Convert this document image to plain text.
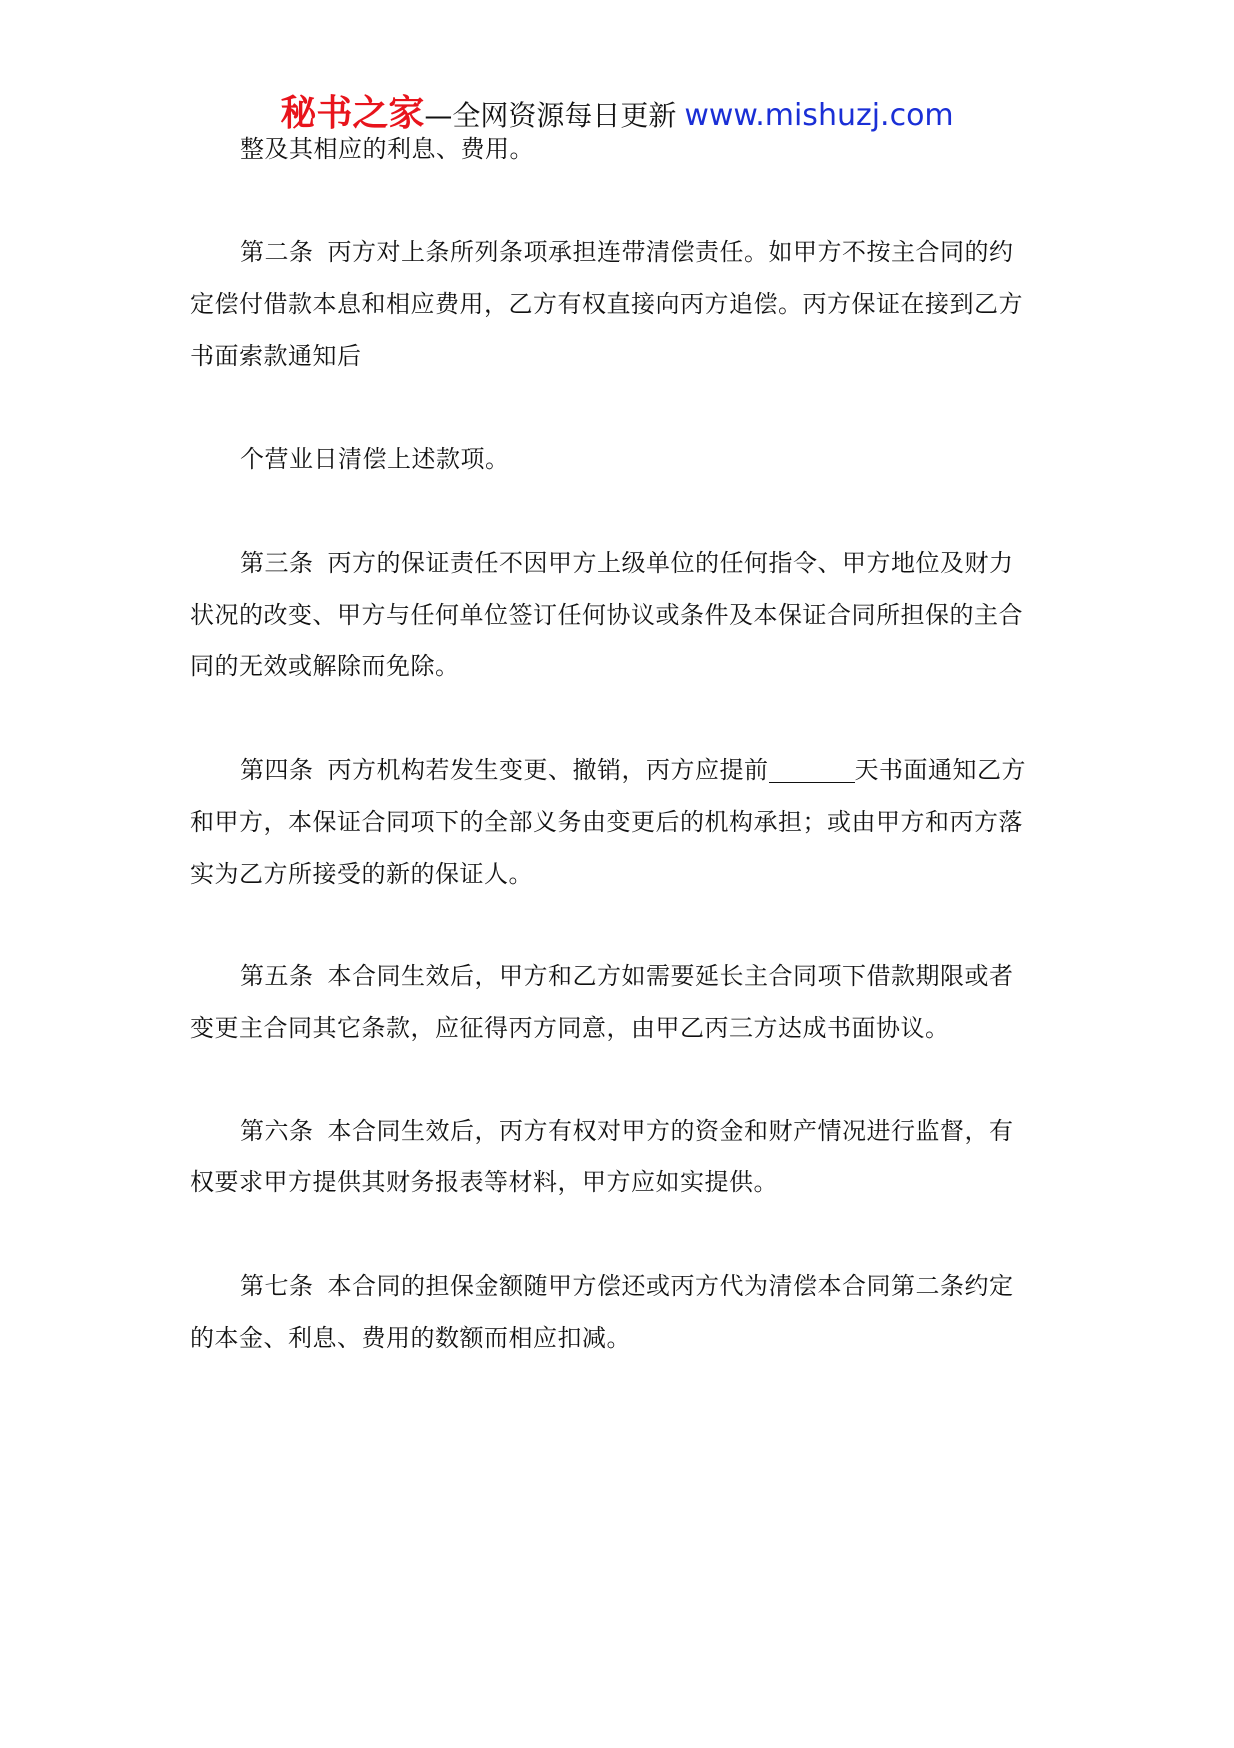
秘书之家—全网资源每日更新 www.mishuzj.com
整及其相应的利息、费用。
第二条 丙方对上条所列条项承担连带清偿责任。如甲方不按主合同的约
定偿付借款本息和相应费用，乙方有权直接向丙方追偿。丙方保证在接到乙方
书面索款通知后
个营业日清偿上述款项。
第三条 丙方的保证责任不因甲方上级单位的任何指令、甲方地位及财力
状况的改变、甲方与任何单位签订任何协议或条件及本保证合同所担保的主合
同的无效或解除而免除。
第四条 丙方机构若发生变更、撤销，丙方应提前	天书面通知乙方
和甲方，本保证合同项下的全部义务由变更后的机构承担；或由甲方和丙方落
实为乙方所接受的新的保证人。
第五条 本合同生效后，甲方和乙方如需要延长主合同项下借款期限或者
变更主合同其它条款，应征得丙方同意，由甲乙丙三方达成书面协议。
第六条 本合同生效后，丙方有权对甲方的资金和财产情况进行监督，有
权要求甲方提供其财务报表等材料，甲方应如实提供。
第七条 本合同的担保金额随甲方偿还或丙方代为清偿本合同第二条约定
的本金、利息、费用的数额而相应扣减。
